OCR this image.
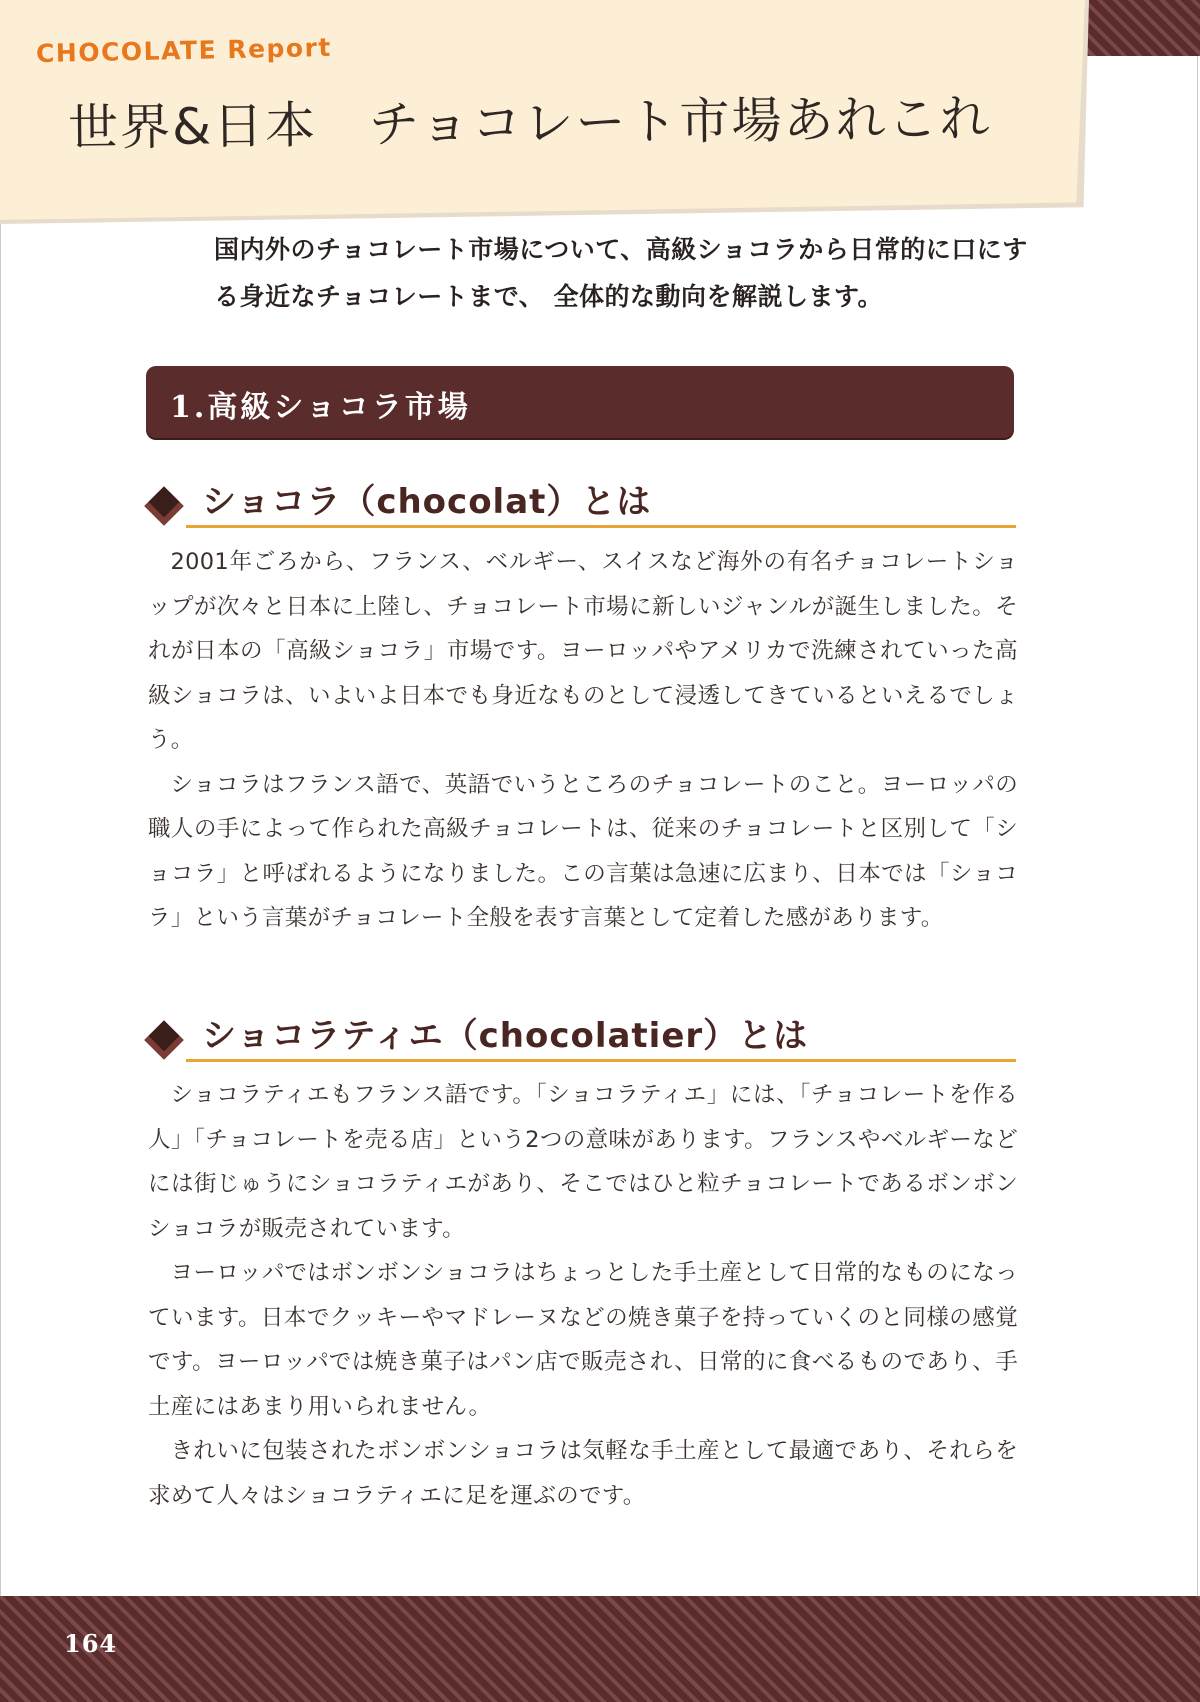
CHOCOLATE Report
世界&日本　チョコレート市場あれこれ
国内外のチョコレート市場について、高級ショコラから日常的に口にする身近なチョコレートまで、 全体的な動向を解説します。
1.高級ショコラ市場
ショコラ（chocolat）とは

2001年ごろから、フランス、ベルギー、スイスなど海外の有名チョコレートショップが次々と日本に上陸し、チョコレート市場に新しいジャンルが誕生しました。それが日本の「高級ショコラ」市場です。ヨーロッパやアメリカで洗練されていった高級ショコラは、いよいよ日本でも身近なものとして浸透してきているといえるでしょう。

ショコラはフランス語で、英語でいうところのチョコレートのこと。ヨーロッパの職人の手によって作られた高級チョコレートは、従来のチョコレートと区別して「ショコラ」と呼ばれるようになりました。この言葉は急速に広まり、日本では「ショコラ」という言葉がチョコレート全般を表す言葉として定着した感があります。

ショコラティエ（chocolatier）とは

ショコラティエもフランス語です。「ショコラティエ」には、「チョコレートを作る人」「チョコレートを売る店」という2つの意味があります。フランスやベルギーなどには街じゅうにショコラティエがあり、そこではひと粒チョコレートであるボンボンショコラが販売されています。

ヨーロッパではボンボンショコラはちょっとした手土産として日常的なものになっています。日本でクッキーやマドレーヌなどの焼き菓子を持っていくのと同様の感覚です。ヨーロッパでは焼き菓子はパン店で販売され、日常的に食べるものであり、手土産にはあまり用いられません。

きれいに包装されたボンボンショコラは気軽な手土産として最適であり、それらを求めて人々はショコラティエに足を運ぶのです。

164
